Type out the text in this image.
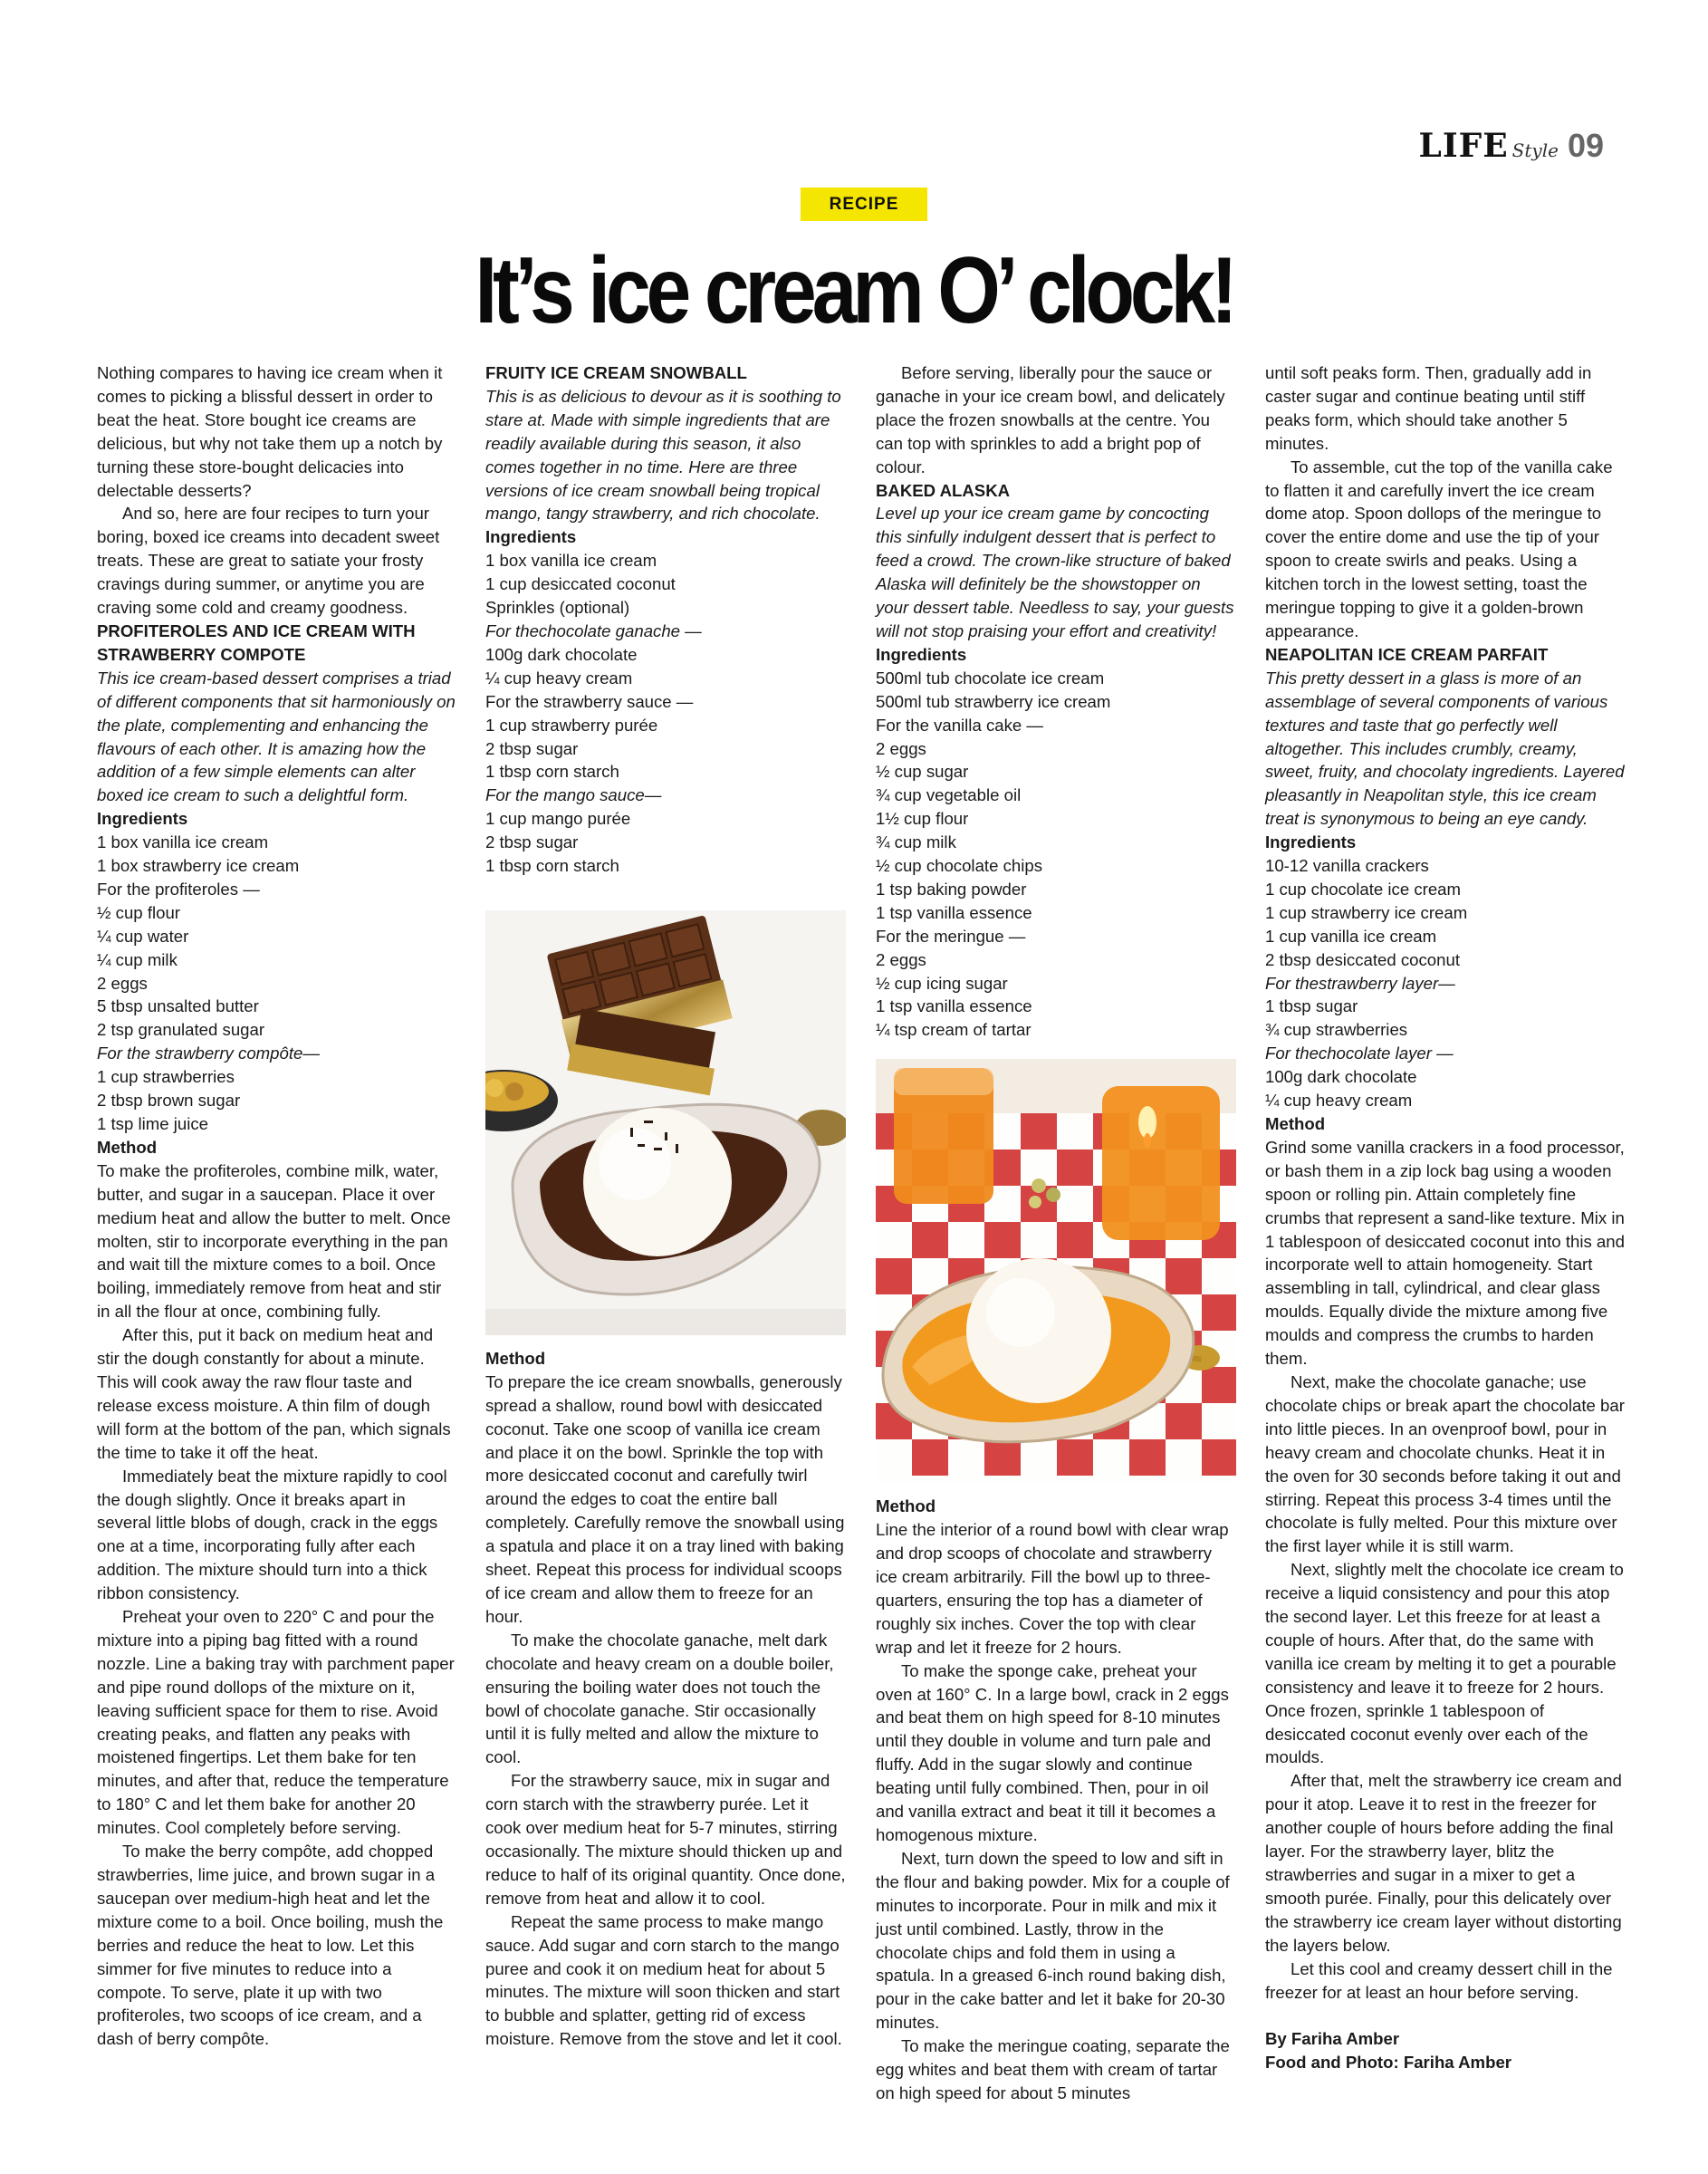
LIFE Style 09
RECIPE
It’s ice cream O’ clock!

Nothing compares to having ice cream when it comes to picking a blissful dessert in order to beat the heat. Store bought ice creams are delicious, but why not take them up a notch by turning these store-bought delicacies into delectable desserts?

And so, here are four recipes to turn your boring, boxed ice creams into decadent sweet treats. These are great to satiate your frosty cravings during summer, or anytime you are craving some cold and creamy goodness.

PROFITEROLES AND ICE CREAM WITH STRAWBERRY COMPOTE

This ice cream-based dessert comprises a triad of different components that sit harmoniously on the plate, complementing and enhancing the flavours of each other. It is amazing how the addition of a few simple elements can alter boxed ice cream to such a delightful form.

Ingredients

1 box vanilla ice cream

1 box strawberry ice cream

For the profiteroles —

½ cup flour

¼ cup water

¼ cup milk

2 eggs

5 tbsp unsalted butter

2 tsp granulated sugar

For the strawberry compôte—

1 cup strawberries

2 tbsp brown sugar

1 tsp lime juice

Method

To make the profiteroles, combine milk, water, butter, and sugar in a saucepan. Place it over medium heat and allow the butter to melt. Once molten, stir to incorporate everything in the pan and wait till the mixture comes to a boil. Once boiling, immediately remove from heat and stir in all the flour at once, combining fully.

After this, put it back on medium heat and stir the dough constantly for about a minute. This will cook away the raw flour taste and release excess moisture. A thin film of dough will form at the bottom of the pan, which signals the time to take it off the heat.

Immediately beat the mixture rapidly to cool the dough slightly. Once it breaks apart in several little blobs of dough, crack in the eggs one at a time, incorporating fully after each addition. The mixture should turn into a thick ribbon consistency.

Preheat your oven to 220° C and pour the mixture into a piping bag fitted with a round nozzle. Line a baking tray with parchment paper and pipe round dollops of the mixture on it, leaving sufficient space for them to rise. Avoid creating peaks, and flatten any peaks with moistened fingertips. Let them bake for ten minutes, and after that, reduce the temperature to 180° C and let them bake for another 20 minutes. Cool completely before serving.

To make the berry compôte, add chopped strawberries, lime juice, and brown sugar in a saucepan over medium-high heat and let the mixture come to a boil. Once boiling, mush the berries and reduce the heat to low. Let this simmer for five minutes to reduce into a compote. To serve, plate it up with two profiteroles, two scoops of ice cream, and a dash of berry compôte.

FRUITY ICE CREAM SNOWBALL

This is as delicious to devour as it is soothing to stare at. Made with simple ingredients that are readily available during this season, it also comes together in no time. Here are three versions of ice cream snowball being tropical mango, tangy strawberry, and rich chocolate.

Ingredients

1 box vanilla ice cream

1 cup desiccated coconut

Sprinkles (optional)

For thechocolate ganache —

100g dark chocolate

¼ cup heavy cream

For the strawberry sauce —

1 cup strawberry purée

2 tbsp sugar

1 tbsp corn starch

For the mango sauce—

1 cup mango purée

2 tbsp sugar

1 tbsp corn starch

Method

To prepare the ice cream snowballs, generously spread a shallow, round bowl with desiccated coconut. Take one scoop of vanilla ice cream and place it on the bowl. Sprinkle the top with more desiccated coconut and carefully twirl around the edges to coat the entire ball completely. Carefully remove the snowball using a spatula and place it on a tray lined with baking sheet. Repeat this process for individual scoops of ice cream and allow them to freeze for an hour.

To make the chocolate ganache, melt dark chocolate and heavy cream on a double boiler, ensuring the boiling water does not touch the bowl of chocolate ganache. Stir occasionally until it is fully melted and allow the mixture to cool.

For the strawberry sauce, mix in sugar and corn starch with the strawberry purée. Let it cook over medium heat for 5-7 minutes, stirring occasionally. The mixture should thicken up and reduce to half of its original quantity. Once done, remove from heat and allow it to cool.

Repeat the same process to make mango sauce. Add sugar and corn starch to the mango puree and cook it on medium heat for about 5 minutes. The mixture will soon thicken and start to bubble and splatter, getting rid of excess moisture. Remove from the stove and let it cool.

Before serving, liberally pour the sauce or ganache in your ice cream bowl, and delicately place the frozen snowballs at the centre. You can top with sprinkles to add a bright pop of colour.

BAKED ALASKA

Level up your ice cream game by concocting this sinfully indulgent dessert that is perfect to feed a crowd. The crown-like structure of baked Alaska will definitely be the showstopper on your dessert table. Needless to say, your guests will not stop praising your effort and creativity!

Ingredients

500ml tub chocolate ice cream

500ml tub strawberry ice cream

For the vanilla cake —

2 eggs

½ cup sugar

¾ cup vegetable oil

1½ cup flour

¾ cup milk

½ cup chocolate chips

1 tsp baking powder

1 tsp vanilla essence

For the meringue —

2 eggs

½ cup icing sugar

1 tsp vanilla essence

¼ tsp cream of tartar

Method

Line the interior of a round bowl with clear wrap and drop scoops of chocolate and strawberry ice cream arbitrarily. Fill the bowl up to three-quarters, ensuring the top has a diameter of roughly six inches. Cover the top with clear wrap and let it freeze for 2 hours.

To make the sponge cake, preheat your oven at 160° C. In a large bowl, crack in 2 eggs and beat them on high speed for 8-10 minutes until they double in volume and turn pale and fluffy. Add in the sugar slowly and continue beating until fully combined. Then, pour in oil and vanilla extract and beat it till it becomes a homogenous mixture.

Next, turn down the speed to low and sift in the flour and baking powder. Mix for a couple of minutes to incorporate. Pour in milk and mix it just until combined. Lastly, throw in the chocolate chips and fold them in using a spatula. In a greased 6-inch round baking dish, pour in the cake batter and let it bake for 20-30 minutes.

To make the meringue coating, separate the egg whites and beat them with cream of tartar on high speed for about 5 minutes

until soft peaks form. Then, gradually add in caster sugar and continue beating until stiff peaks form, which should take another 5 minutes.

To assemble, cut the top of the vanilla cake to flatten it and carefully invert the ice cream dome atop. Spoon dollops of the meringue to cover the entire dome and use the tip of your spoon to create swirls and peaks. Using a kitchen torch in the lowest setting, toast the meringue topping to give it a golden-brown appearance.

NEAPOLITAN ICE CREAM PARFAIT

This pretty dessert in a glass is more of an assemblage of several components of various textures and taste that go perfectly well altogether. This includes crumbly, creamy, sweet, fruity, and chocolaty ingredients. Layered pleasantly in Neapolitan style, this ice cream treat is synonymous to being an eye candy.

Ingredients

10-12 vanilla crackers

1 cup chocolate ice cream

1 cup strawberry ice cream

1 cup vanilla ice cream

2 tbsp desiccated coconut

For thestrawberry layer—

1 tbsp sugar

¾ cup strawberries

For thechocolate layer —

100g dark chocolate

¼ cup heavy cream

Method

Grind some vanilla crackers in a food processor, or bash them in a zip lock bag using a wooden spoon or rolling pin. Attain completely fine crumbs that represent a sand-like texture. Mix in 1 tablespoon of desiccated coconut into this and incorporate well to attain homogeneity. Start assembling in tall, cylindrical, and clear glass moulds. Equally divide the mixture among five moulds and compress the crumbs to harden them.

Next, make the chocolate ganache; use chocolate chips or break apart the chocolate bar into little pieces. In an ovenproof bowl, pour in heavy cream and chocolate chunks. Heat it in the oven for 30 seconds before taking it out and stirring. Repeat this process 3-4 times until the chocolate is fully melted. Pour this mixture over the first layer while it is still warm.

Next, slightly melt the chocolate ice cream to receive a liquid consistency and pour this atop the second layer. Let this freeze for at least a couple of hours. After that, do the same with vanilla ice cream by melting it to get a pourable consistency and leave it to freeze for 2 hours. Once frozen, sprinkle 1 tablespoon of desiccated coconut evenly over each of the moulds.

After that, melt the strawberry ice cream and pour it atop. Leave it to rest in the freezer for another couple of hours before adding the final layer. For the strawberry layer, blitz the strawberries and sugar in a mixer to get a smooth purée. Finally, pour this delicately over the strawberry ice cream layer without distorting the layers below.

Let this cool and creamy dessert chill in the freezer for at least an hour before serving.

By Fariha Amber

Food and Photo: Fariha Amber
